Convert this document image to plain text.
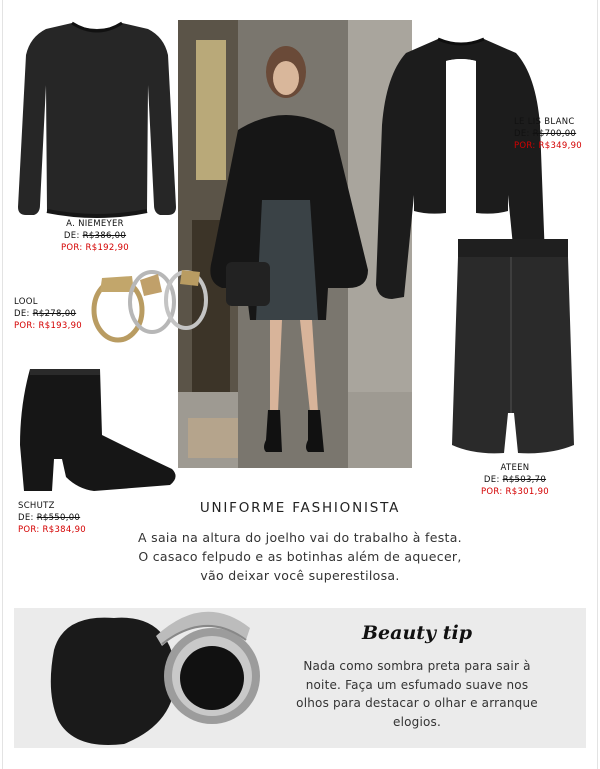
A. NIEMEYER
DE: R$386,00
POR: R$192,90
LE LIS BLANC
DE: R$700,00
POR: R$349,90
LOOL
DE: R$278,00
POR: R$193,90
ATEEN
DE: R$503,70
POR: R$301,90
SCHUTZ
DE: R$550,00
POR: R$384,90
UNIFORME FASHIONISTA
A saia na altura do joelho vai do trabalho à festa. O casaco felpudo e as botinhas além de aquecer, vão deixar você superestilosa.
Beauty tip
Nada como sombra preta para sair à noite. Faça um esfumado suave nos olhos para destacar o olhar e arranque elogios.
